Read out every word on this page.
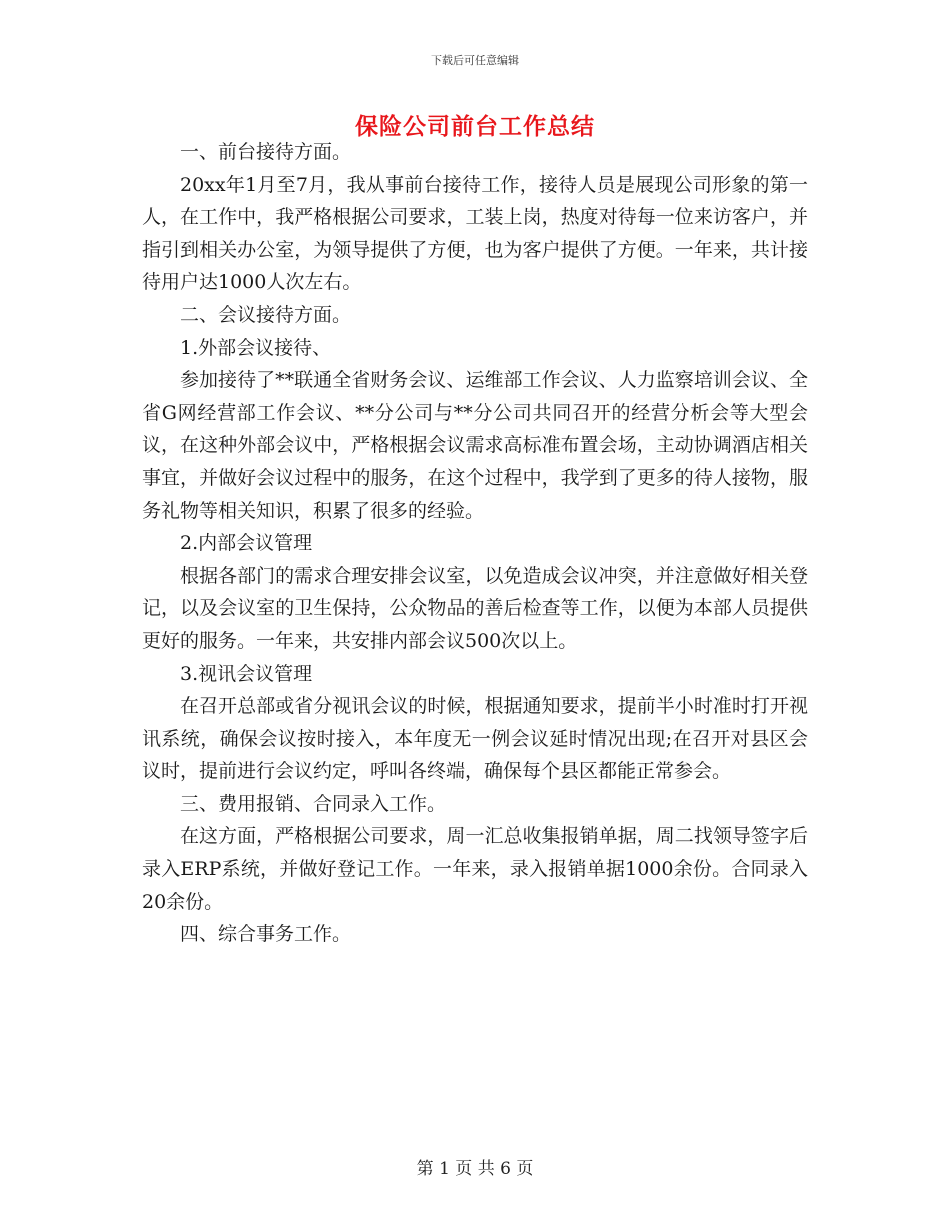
下载后可任意编辑
保险公司前台工作总结

一、前台接待方面。

20xx年1月至7月，我从事前台接待工作，接待人员是展现公司形象的第一人，在工作中，我严格根据公司要求，工装上岗，热度对待每一位来访客户，并指引到相关办公室，为领导提供了方便，也为客户提供了方便。一年来，共计接待用户达1000人次左右。

二、会议接待方面。

1.外部会议接待、

参加接待了**联通全省财务会议、运维部工作会议、人力监察培训会议、全省G网经营部工作会议、**分公司与**分公司共同召开的经营分析会等大型会议，在这种外部会议中，严格根据会议需求高标准布置会场，主动协调酒店相关事宜，并做好会议过程中的服务，在这个过程中，我学到了更多的待人接物，服务礼物等相关知识，积累了很多的经验。

2.内部会议管理

根据各部门的需求合理安排会议室，以免造成会议冲突，并注意做好相关登记，以及会议室的卫生保持，公众物品的善后检查等工作，以便为本部人员提供更好的服务。一年来，共安排内部会议500次以上。

3.视讯会议管理

在召开总部或省分视讯会议的时候，根据通知要求，提前半小时准时打开视讯系统，确保会议按时接入，本年度无一例会议延时情况出现;在召开对县区会议时，提前进行会议约定，呼叫各终端，确保每个县区都能正常参会。

三、费用报销、合同录入工作。

在这方面，严格根据公司要求，周一汇总收集报销单据，周二找领导签字后录入ERP系统，并做好登记工作。一年来，录入报销单据1000余份。合同录入20余份。

四、综合事务工作。

第 1 页 共 6 页
